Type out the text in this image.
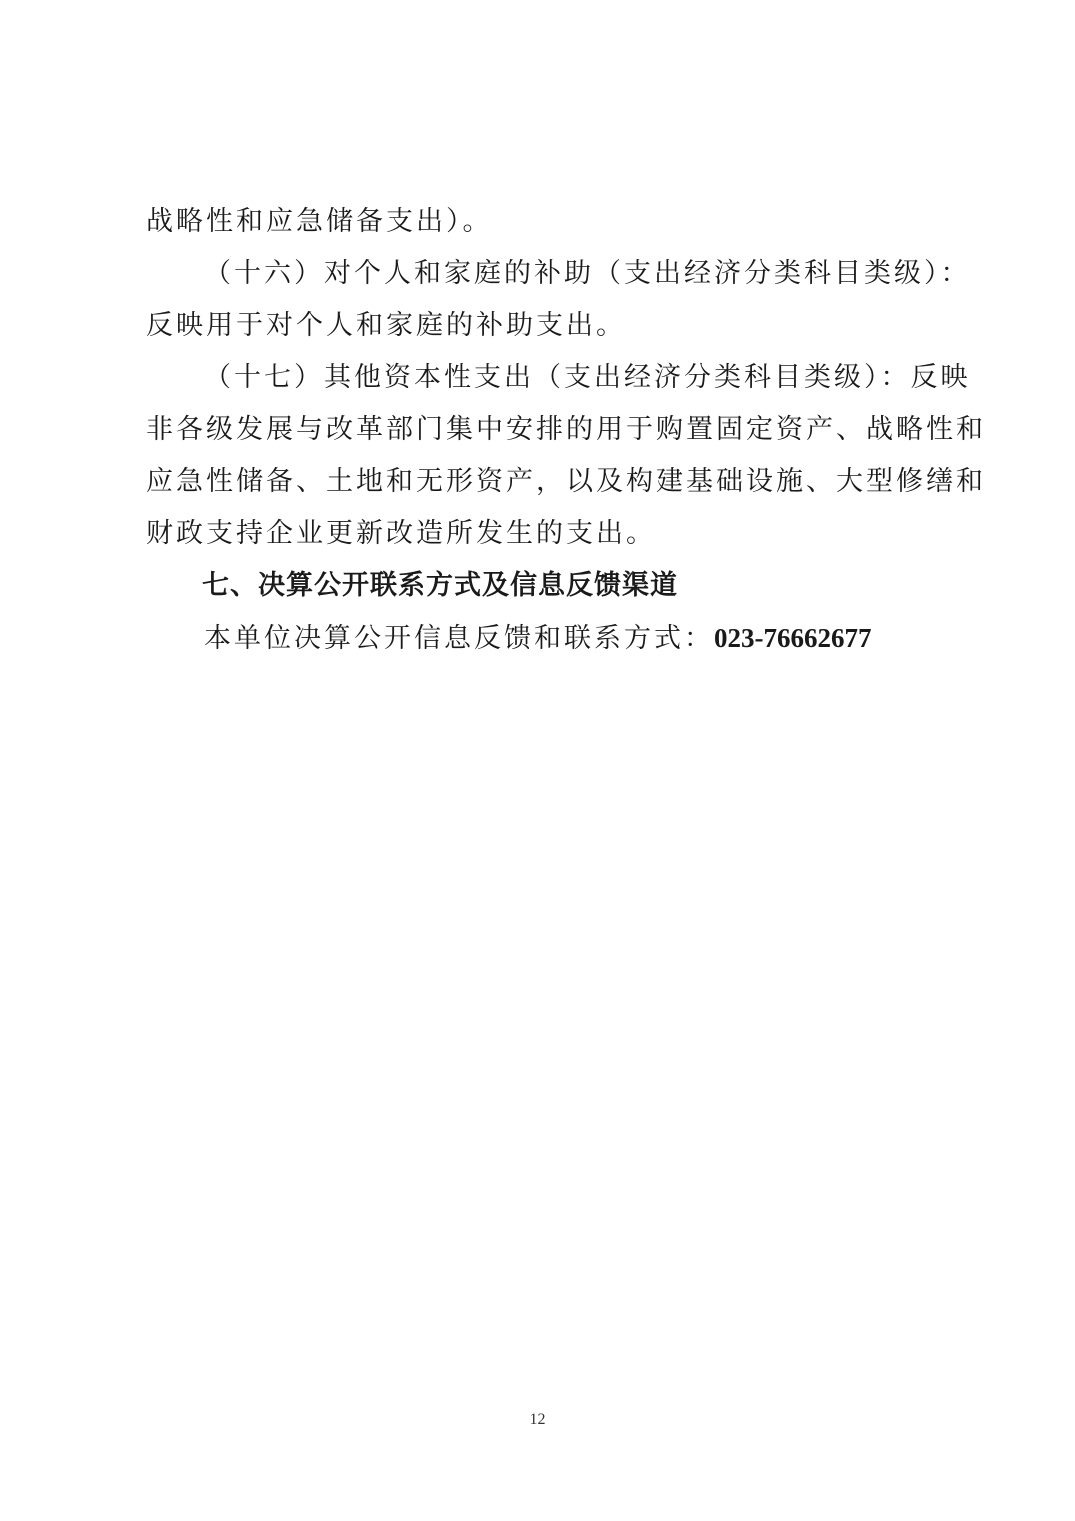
战略性和应急储备支出）。

（十六）对个人和家庭的补助（支出经济分类科目类级）：

反映用于对个人和家庭的补助支出。

（十七）其他资本性支出（支出经济分类科目类级）：反映

非各级发展与改革部门集中安排的用于购置固定资产、战略性和

应急性储备、土地和无形资产，以及构建基础设施、大型修缮和

财政支持企业更新改造所发生的支出。

七、决算公开联系方式及信息反馈渠道

本单位决算公开信息反馈和联系方式：023-76662677

12
